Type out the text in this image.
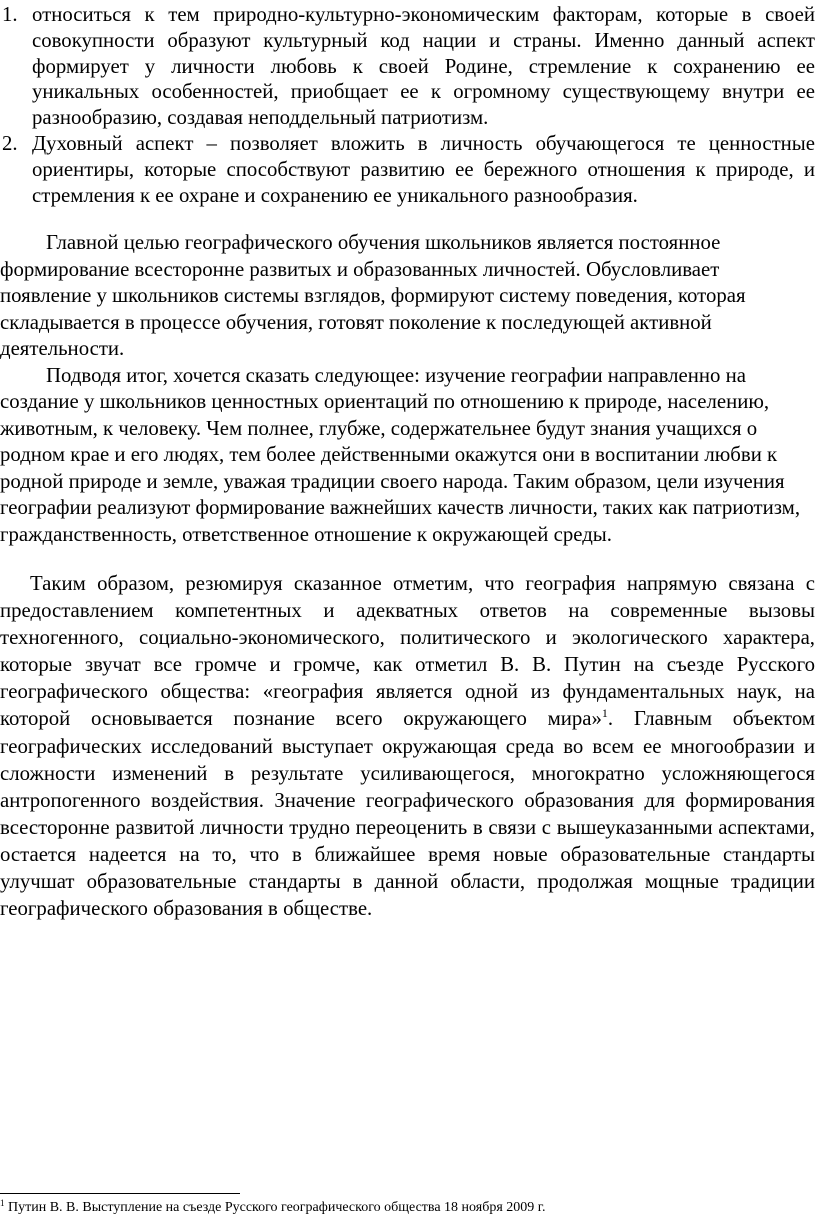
1. относиться к тем природно-культурно-экономическим факторам, которые в своей совокупности образуют культурный код нации и страны. Именно данный аспект формирует у личности любовь к своей Родине, стремление к сохранению ее уникальных особенностей, приобщает ее к огромному существующему внутри ее разнообразию, создавая неподдельный патриотизм.
2. Духовный аспект – позволяет вложить в личность обучающегося те ценностные ориентиры, которые способствуют развитию ее бережного отношения к природе, и стремления к ее охране и сохранению ее уникального разнообразия.
Главной целью географического обучения школьников является постоянное формирование всесторонне развитых и образованных личностей. Обусловливает появление у школьников системы взглядов, формируют систему поведения, которая складывается в процессе обучения, готовят поколение к последующей активной деятельности.
Подводя итог, хочется сказать следующее: изучение географии направленно на создание у школьников ценностных ориентаций по отношению к природе, населению, животным, к человеку. Чем полнее, глубже, содержательнее будут знания учащихся о родном крае и его людях, тем более действенными окажутся они в воспитании любви к родной природе и земле, уважая традиции своего народа. Таким образом, цели изучения географии реализуют формирование важнейших качеств личности, таких как патриотизм, гражданственность, ответственное отношение к окружающей среды.

Таким образом, резюмируя сказанное отметим, что география напрямую связана с предоставлением компетентных и адекватных ответов на современные вызовы техногенного, социально-экономического, политического и экологического характера, которые звучат все громче и громче, как отметил В. В. Путин на съезде Русского географического общества: «география является одной из фундаментальных наук, на которой основывается познание всего окружающего мира»$^1$. Главным объектом географических исследований выступает окружающая среда во всем ее многообразии и сложности изменений в результате усиливающегося, многократно усложняющегося антропогенного воздействия. Значение географического образования для формирования всесторонне развитой личности трудно переоценить в связи с вышеуказанными аспектами, остается надеется на то, что в ближайшее время новые образовательные стандарты улучшат образовательные стандарты в данной области, продолжая мощные традиции географического образования в обществе.

$^1$ Путин В. В. Выступление на съезде Русского географического общества 18 ноября 2009 г.
